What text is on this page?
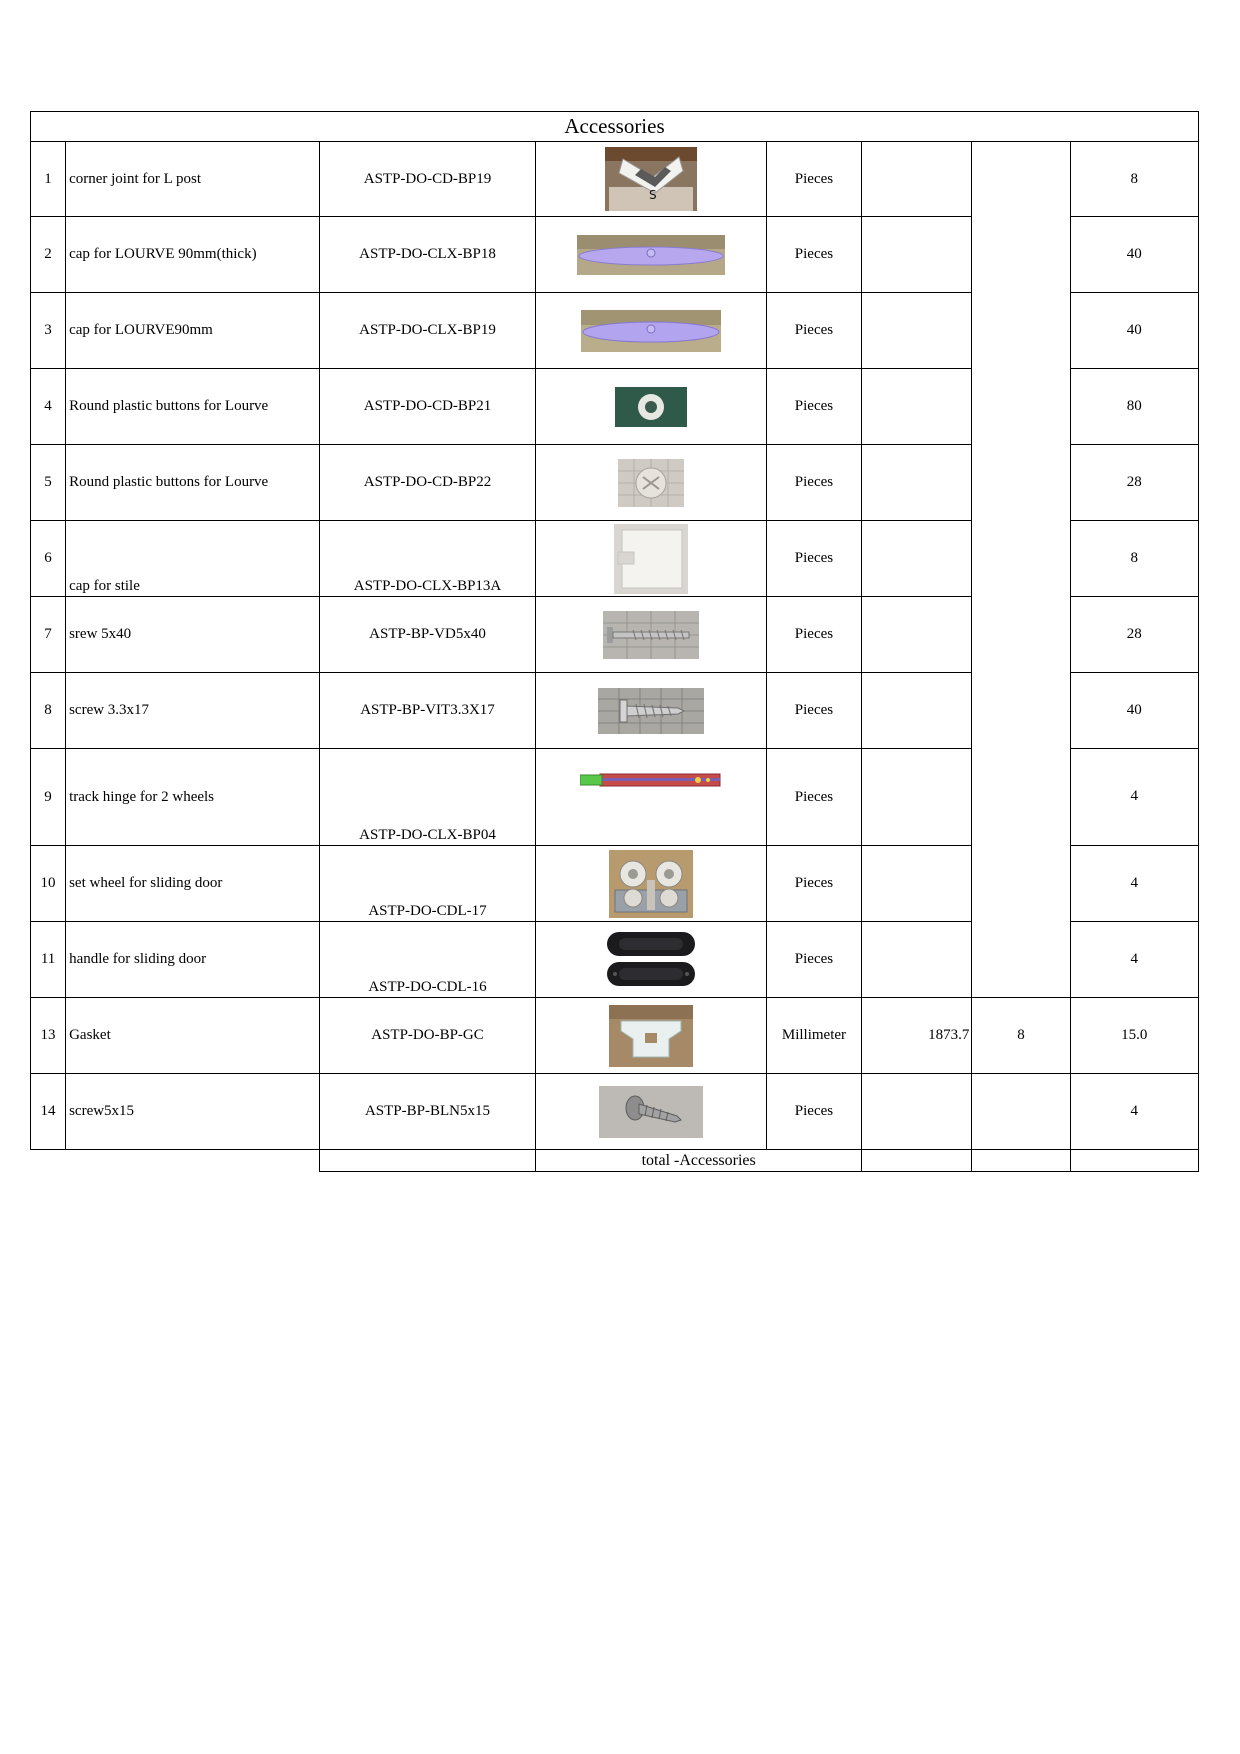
Accessories							
1	corner joint for L post	ASTP-DO-CD-BP19	S	Pieces			8
2	cap for LOURVE 90mm(thick)	ASTP-DO-CLX-BP18		Pieces			40
3	cap for LOURVE90mm	ASTP-DO-CLX-BP19		Pieces			40
4	Round plastic buttons for Lourve	ASTP-DO-CD-BP21		Pieces			80
5	Round plastic buttons for Lourve	ASTP-DO-CD-BP22		Pieces			28
6	cap for stile	ASTP-DO-CLX-BP13A		Pieces			8
7	srew 5x40	ASTP-BP-VD5x40		Pieces			28
8	screw 3.3x17	ASTP-BP-VIT3.3X17		Pieces			40
9	track hinge for 2 wheels	ASTP-DO-CLX-BP04		Pieces			4
10	set wheel for sliding door	ASTP-DO-CDL-17		Pieces			4
11	handle for sliding door	ASTP-DO-CDL-16		Pieces			4
13	Gasket	ASTP-DO-BP-GC		Millimeter	1873.7	8	15.0
14	screw5x15	ASTP-BP-BLN5x15		Pieces			4
			total -Accessories				
